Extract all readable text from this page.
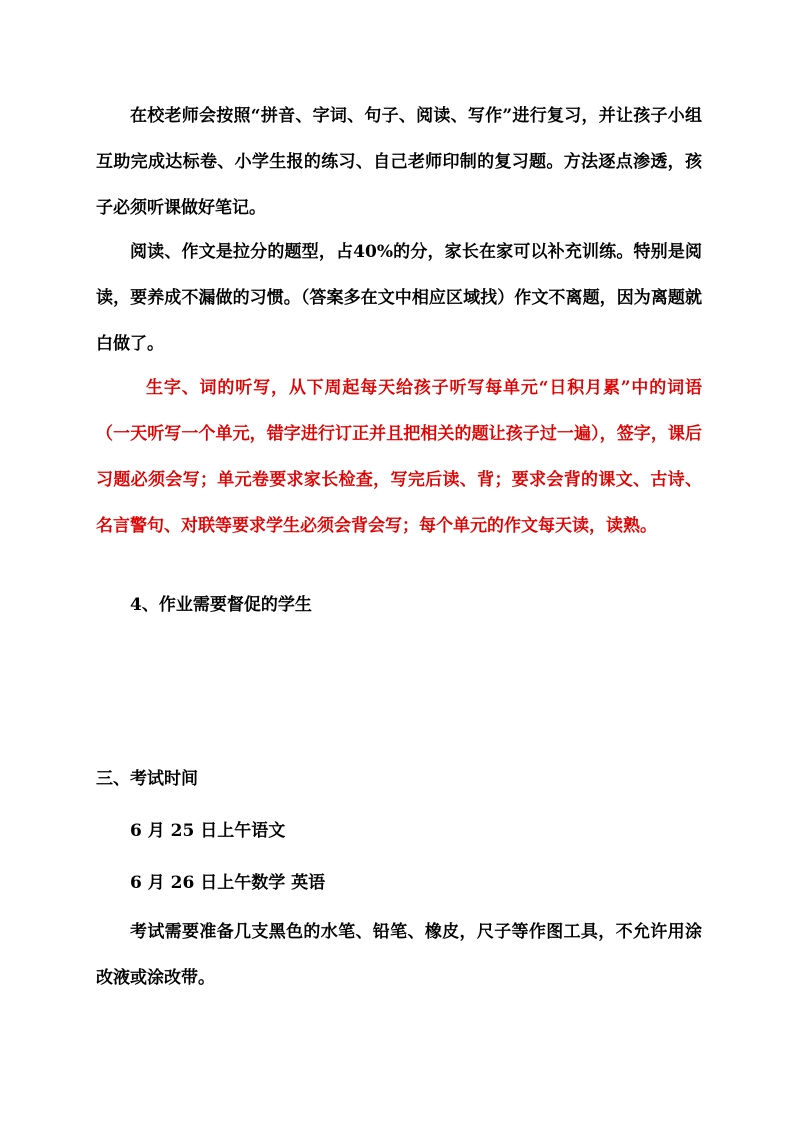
在校老师会按照“拼音、字词、句子、阅读、写作”进行复习，并让孩子小组互助完成达标卷、小学生报的练习、自己老师印制的复习题。方法逐点渗透，孩子必须听课做好笔记。

阅读、作文是拉分的题型，占40%的分，家长在家可以补充训练。特别是阅读，要养成不漏做的习惯。（答案多在文中相应区域找）作文不离题，因为离题就白做了。

生字、词的听写，从下周起每天给孩子听写每单元“日积月累”中的词语（一天听写一个单元，错字进行订正并且把相关的题让孩子过一遍），签字，课后习题必须会写；单元卷要求家长检查，写完后读、背；要求会背的课文、古诗、名言警句、对联等要求学生必须会背会写；每个单元的作文每天读，读熟。

4、作业需要督促的学生

三、考试时间

6 月 25 日上午语文

6 月 26 日上午数学 英语

考试需要准备几支黑色的水笔、铅笔、橡皮，尺子等作图工具，不允许用涂改液或涂改带。
